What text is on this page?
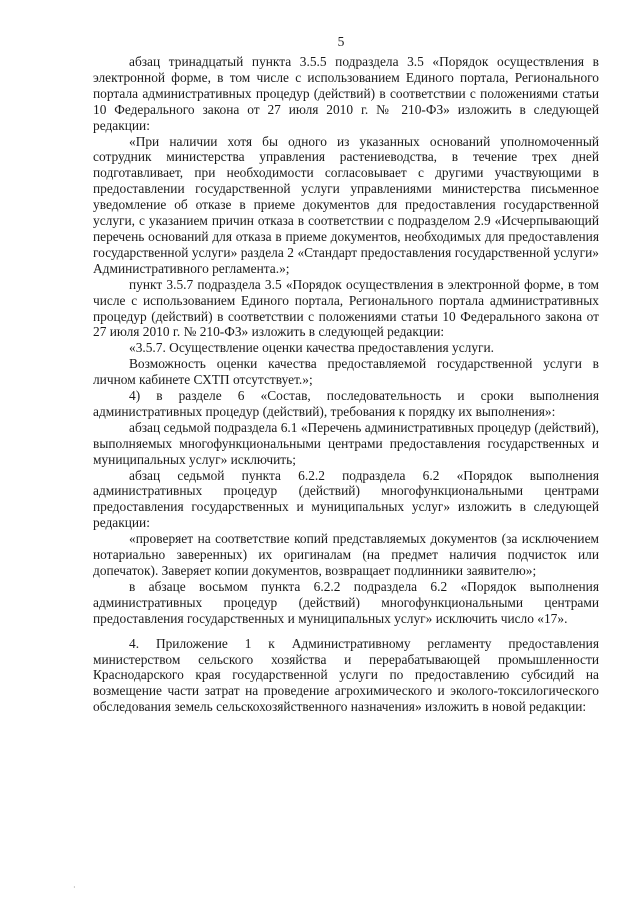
5

абзац тринадцатый пункта 3.5.5 подраздела 3.5 «Порядок осуществления в электронной форме, в том числе с использованием Единого портала, Регионального портала административных процедур (действий) в соответствии с положениями статьи 10 Федерального закона от 27 июля 2010 г. № 210-ФЗ» изложить в следующей редакции:

«При наличии хотя бы одного из указанных оснований уполномоченный сотрудник министерства управления растениеводства, в течение трех дней подготавливает, при необходимости согласовывает с другими участвующими в предоставлении государственной услуги управлениями министерства письменное уведомление об отказе в приеме документов для предоставления государственной услуги, с указанием причин отказа в соответствии с подразделом 2.9 «Исчерпывающий перечень оснований для отказа в приеме документов, необходимых для предоставления государственной услуги» раздела 2 «Стандарт предоставления государственной услуги» Административного регламента.»;

пункт 3.5.7 подраздела 3.5 «Порядок осуществления в электронной форме, в том числе с использованием Единого портала, Регионального портала административных процедур (действий) в соответствии с положениями статьи 10 Федерального закона от 27 июля 2010 г. № 210-ФЗ» изложить в следующей редакции:

«3.5.7. Осуществление оценки качества предоставления услуги.

Возможность оценки качества предоставляемой государственной услуги в личном кабинете СХТП отсутствует.»;

4) в разделе 6 «Состав, последовательность и сроки выполнения административных процедур (действий), требования к порядку их выполнения»:

абзац седьмой подраздела 6.1 «Перечень административных процедур (действий), выполняемых многофункциональными центрами предоставления государственных и муниципальных услуг» исключить;

абзац седьмой пункта 6.2.2 подраздела 6.2 «Порядок выполнения административных процедур (действий) многофункциональными центрами предоставления государственных и муниципальных услуг» изложить в следующей редакции:

«проверяет на соответствие копий представляемых документов (за исключением нотариально заверенных) их оригиналам (на предмет наличия подчисток или допечаток). Заверяет копии документов, возвращает подлинники заявителю»;

в абзаце восьмом пункта 6.2.2 подраздела 6.2 «Порядок выполнения административных процедур (действий) многофункциональными центрами предоставления государственных и муниципальных услуг» исключить число «17».

4. Приложение 1 к Административному регламенту предоставления министерством сельского хозяйства и перерабатывающей промышленности Краснодарского края государственной услуги по предоставлению субсидий на возмещение части затрат на проведение агрохимического и эколого-токсилогического обследования земель сельскохозяйственного назначения» изложить в новой редакции:

·
